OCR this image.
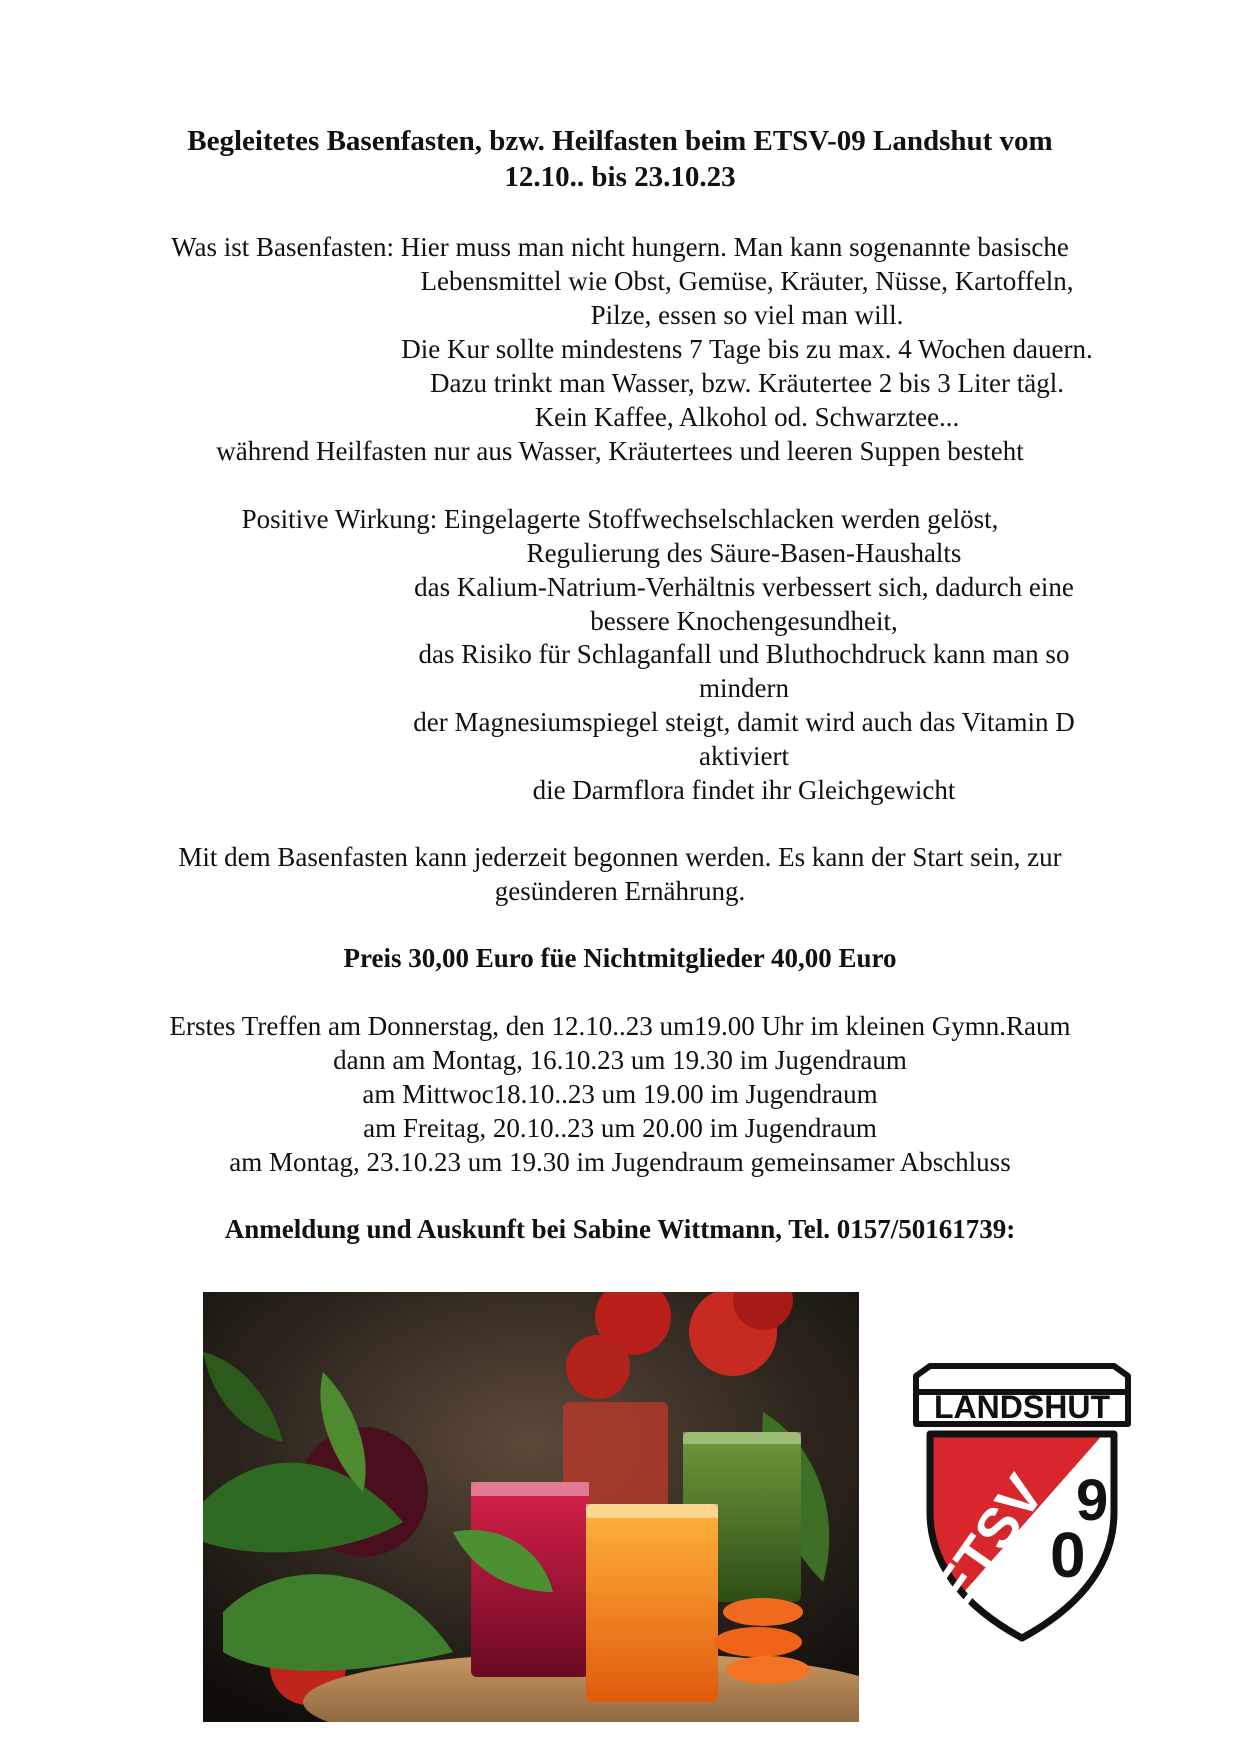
Begleitetes Basenfasten, bzw. Heilfasten beim ETSV-09 Landshut vom
12.10.. bis 23.10.23
Was ist Basenfasten: Hier muss man nicht hungern. Man kann sogenannte basische
Lebensmittel wie Obst, Gemüse, Kräuter, Nüsse, Kartoffeln,
Pilze, essen so viel man will.
Die Kur sollte mindestens 7 Tage bis zu max. 4 Wochen dauern.
Dazu trinkt man Wasser, bzw. Kräutertee 2 bis 3 Liter tägl.
Kein Kaffee, Alkohol od. Schwarztee...
während Heilfasten nur aus Wasser, Kräutertees und leeren Suppen besteht
Positive Wirkung: Eingelagerte Stoffwechselschlacken werden gelöst,
Regulierung des Säure-Basen-Haushalts
das Kalium-Natrium-Verhältnis verbessert sich, dadurch eine
bessere Knochengesundheit,
das Risiko für Schlaganfall und Bluthochdruck kann man so
mindern
der Magnesiumspiegel steigt, damit wird auch das Vitamin D
aktiviert
die Darmflora findet ihr Gleichgewicht
Mit dem Basenfasten kann jederzeit begonnen werden. Es kann der Start sein, zur
gesünderen Ernährung.
Preis 30,00 Euro füe Nichtmitglieder 40,00 Euro
Erstes Treffen am Donnerstag, den 12.10..23 um19.00 Uhr im kleinen Gymn.Raum
dann am Montag, 16.10.23 um 19.30 im Jugendraum
am Mittwoc18.10..23 um 19.00 im Jugendraum
am Freitag, 20.10..23 um 20.00 im Jugendraum
am Montag, 23.10.23 um 19.30 im Jugendraum gemeinsamer Abschluss
Anmeldung und Auskunft bei Sabine Wittmann, Tel. 0157/50161739:
LANDSHUT
ETSV
0
9
